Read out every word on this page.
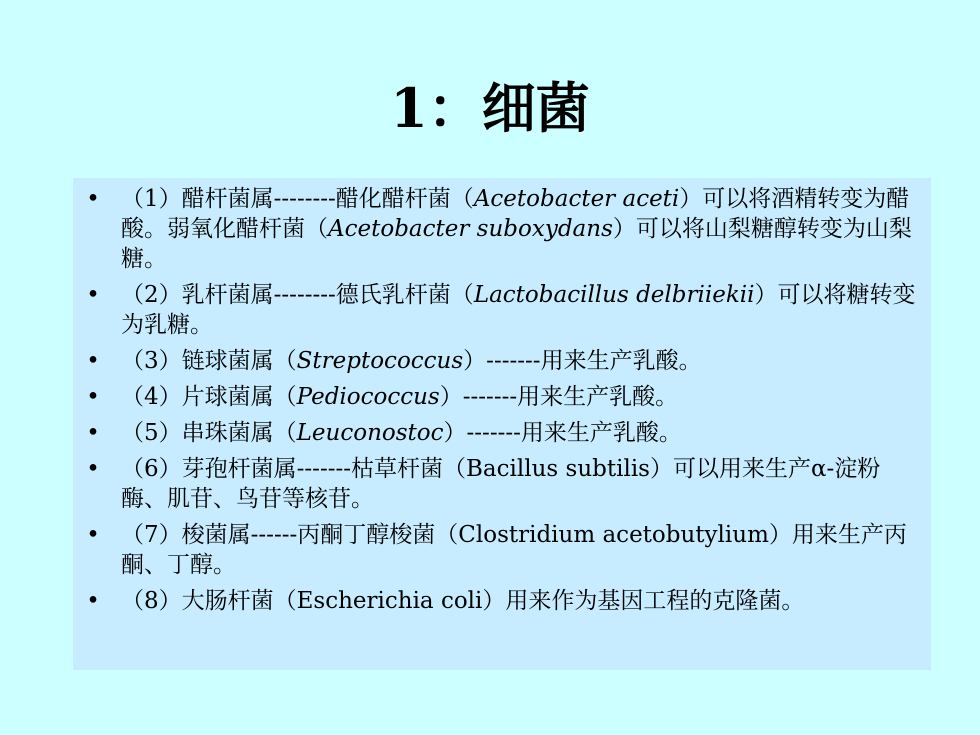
1：细菌
• （1）醋杆菌属--------醋化醋杆菌（Acetobacter aceti）可以将酒精转变为醋酸。弱氧化醋杆菌（Acetobacter suboxydans）可以将山梨糖醇转变为山梨糖。
• （2）乳杆菌属--------德氏乳杆菌（Lactobacillus delbriiekii）可以将糖转变为乳糖。
• （3）链球菌属（Streptococcus）-------用来生产乳酸。
• （4）片球菌属（Pediococcus）-------用来生产乳酸。
• （5）串珠菌属（Leuconostoc）-------用来生产乳酸。
• （6）芽孢杆菌属-------枯草杆菌（Bacillus subtilis）可以用来生产α-淀粉酶、肌苷、鸟苷等核苷。
• （7）梭菌属------丙酮丁醇梭菌（Clostridium acetobutylium）用来生产丙酮、丁醇。
• （8）大肠杆菌（Escherichia coli）用来作为基因工程的克隆菌。
